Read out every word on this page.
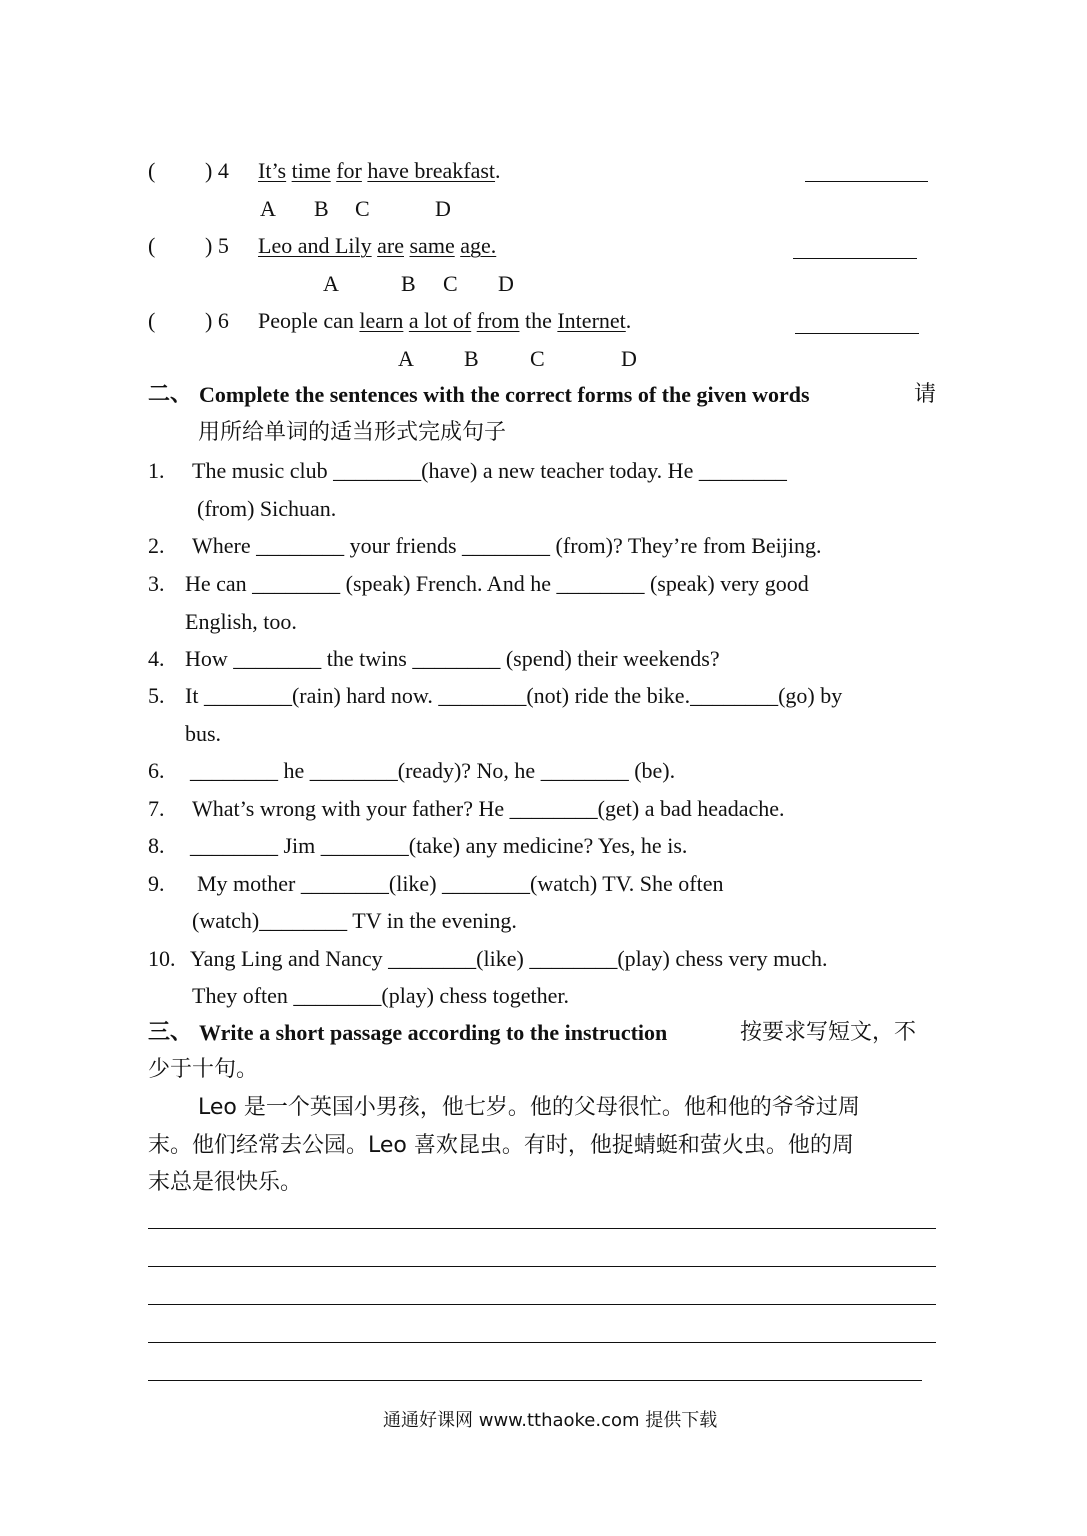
( ) 4 It’s time for have breakfast.
A B C	D
( ) 5 Leo and Lily are same age.
A	B C D
( ) 6 People can learn a lot of from the Internet.
A B C	D
二、 Complete the sentences with the correct forms of the given words	请
用所给单词的适当形式完成句子
1. The music club ________(have) a new teacher today. He ________
(from) Sichuan.
2. Where ________ your friends ________ (from)? They’re from Beijing.
3. He can ________ (speak) French. And he ________ (speak) very good
English, too.
4. How ________ the twins ________ (spend) their weekends?
5. It ________(rain) hard now. ________(not) ride the bike.________(go) by
bus.
6. ________ he ________(ready)? No, he ________ (be).
7. What’s wrong with your father? He ________(get) a bad headache.
8. ________ Jim ________(take) any medicine? Yes, he is.
9. My mother ________(like) ________(watch) TV. She often
(watch)________ TV in the evening.
10. Yang Ling and Nancy ________(like) ________(play) chess very much.
They often ________(play) chess together.
三、 Write a short passage according to the instruction	按要求写短文，不
少于十句。
Leo 是一个英国小男孩，他七岁。他的父母很忙。他和他的爷爷过周
末。他们经常去公园。Leo 喜欢昆虫。有时，他捉蜻蜓和萤火虫。他的周
末总是很快乐。
通通好课网 www.tthaoke.com 提供下载
